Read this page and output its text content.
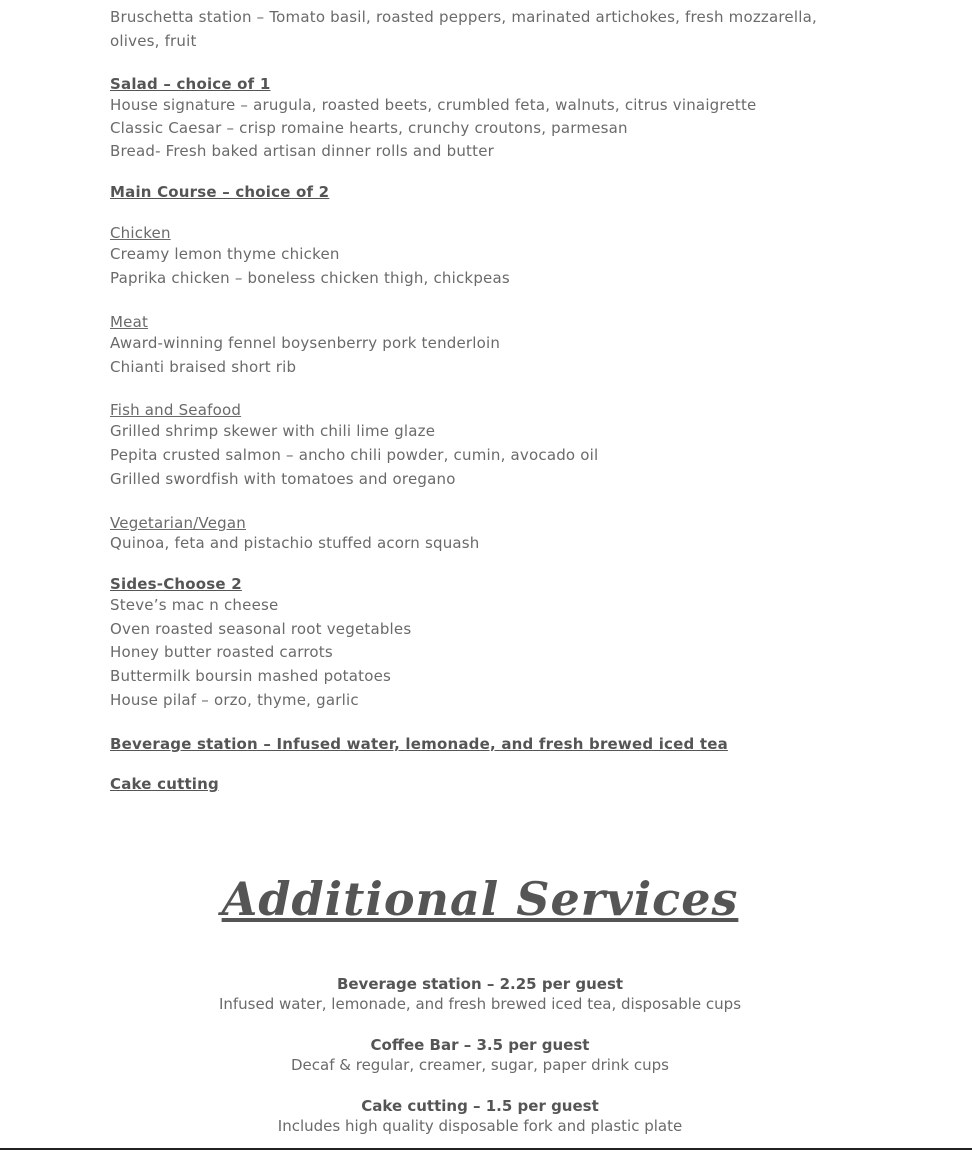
Bruschetta station – Tomato basil, roasted peppers, marinated artichokes, fresh mozzarella, olives, fruit
Salad – choice of 1
House signature – arugula, roasted beets, crumbled feta, walnuts, citrus vinaigrette
Classic Caesar – crisp romaine hearts, crunchy croutons, parmesan
Bread- Fresh baked artisan dinner rolls and butter
Main Course – choice of 2
Chicken
Creamy lemon thyme chicken
Paprika chicken – boneless chicken thigh, chickpeas
Meat
Award-winning fennel boysenberry pork tenderloin
Chianti braised short rib
Fish and Seafood
Grilled shrimp skewer with chili lime glaze
Pepita crusted salmon – ancho chili powder, cumin, avocado oil
Grilled swordfish with tomatoes and oregano
Vegetarian/Vegan
Quinoa, feta and pistachio stuffed acorn squash
Sides-Choose 2
Steve’s mac n cheese
Oven roasted seasonal root vegetables
Honey butter roasted carrots
Buttermilk boursin mashed potatoes
House pilaf – orzo, thyme, garlic
Beverage station – Infused water, lemonade, and fresh brewed iced tea
Cake cutting
Additional Services
Beverage station – 2.25 per guest
Infused water, lemonade, and fresh brewed iced tea, disposable cups
Coffee Bar – 3.5 per guest
Decaf & regular, creamer, sugar, paper drink cups
Cake cutting – 1.5 per guest
Includes high quality disposable fork and plastic plate
